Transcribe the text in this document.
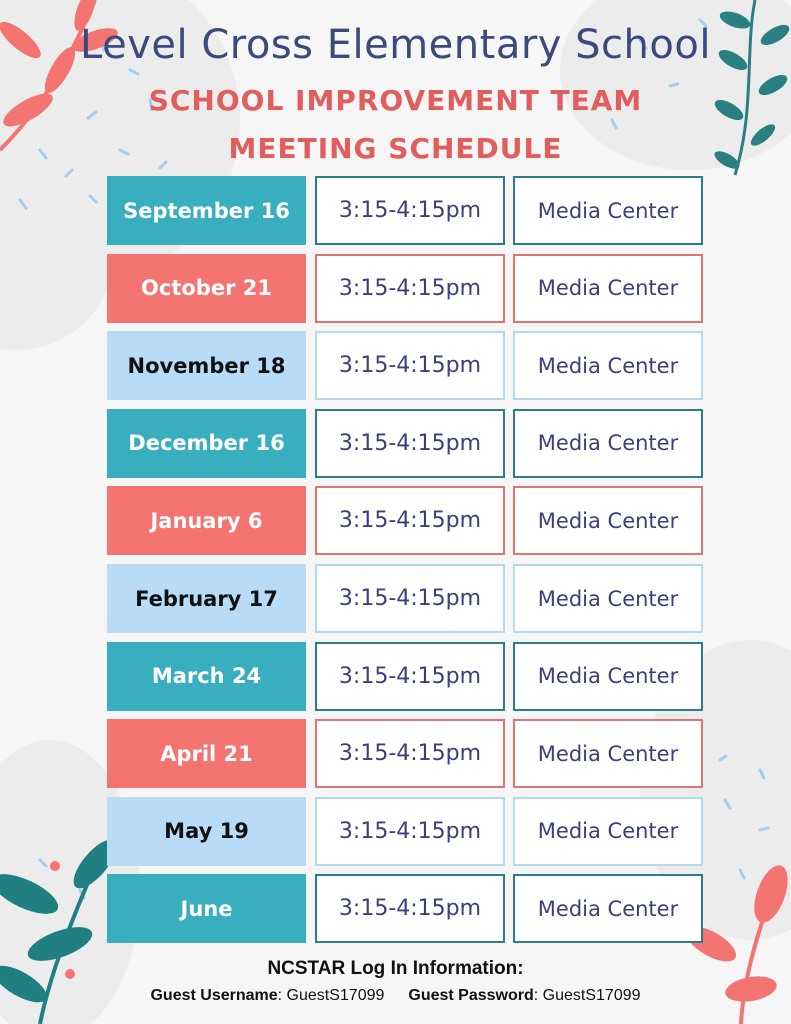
Level Cross Elementary School
SCHOOL IMPROVEMENT TEAM
MEETING SCHEDULE
September 16	3:15-4:15pm	Media Center
October 21	3:15-4:15pm	Media Center
November 18	3:15-4:15pm	Media Center
December 16	3:15-4:15pm	Media Center
January 6	3:15-4:15pm	Media Center
February 17	3:15-4:15pm	Media Center
March 24	3:15-4:15pm	Media Center
April 21	3:15-4:15pm	Media Center
May 19	3:15-4:15pm	Media Center
June	3:15-4:15pm	Media Center
NCSTAR Log In Information:
Guest Username: GuestS17099 Guest Password: GuestS17099
